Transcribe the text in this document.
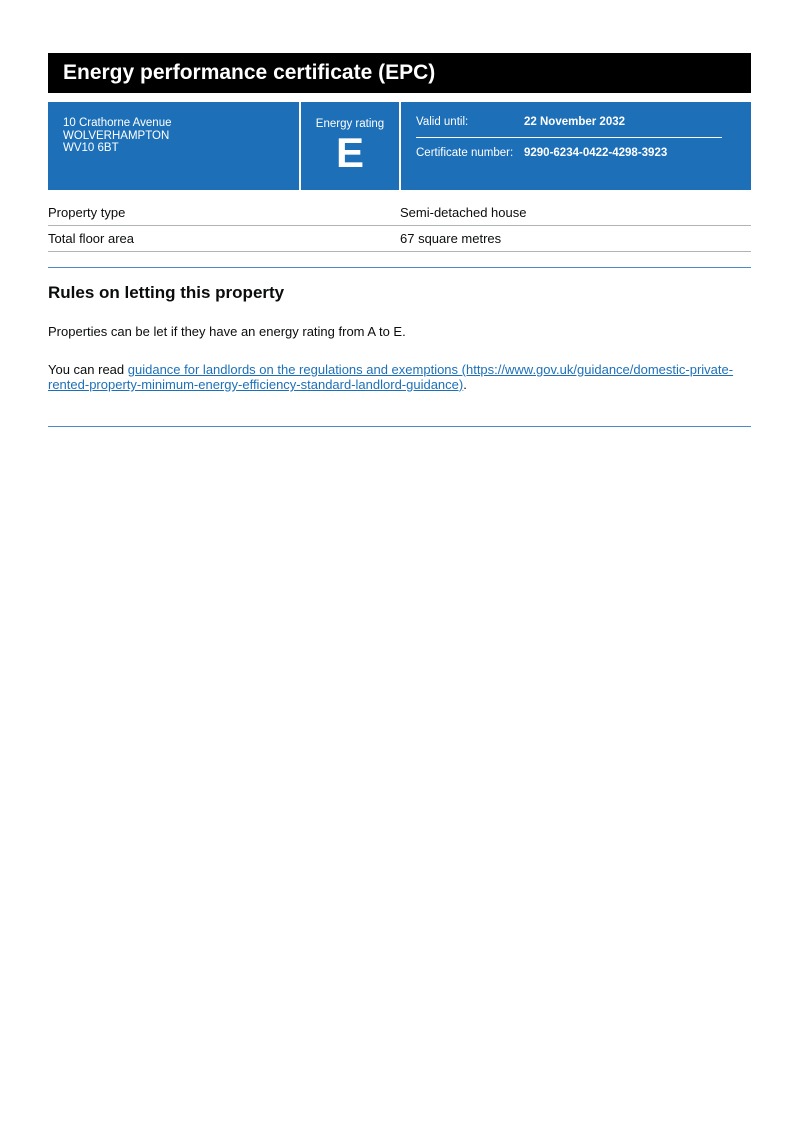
Energy performance certificate (EPC)
10 Crathorne Avenue
WOLVERHAMPTON
WV10 6BT
Energy rating
E
Valid until:	22 November 2032
Certificate number: 9290-6234-0422-4298-3923
Property type	Semi-detached house
Total floor area	67 square metres
Rules on letting this property

Properties can be let if they have an energy rating from A to E.

You can read guidance for landlords on the regulations and exemptions (https://www.gov.uk/guidance/domestic-private-rented-property-minimum-energy-efficiency-standard-landlord-guidance).
